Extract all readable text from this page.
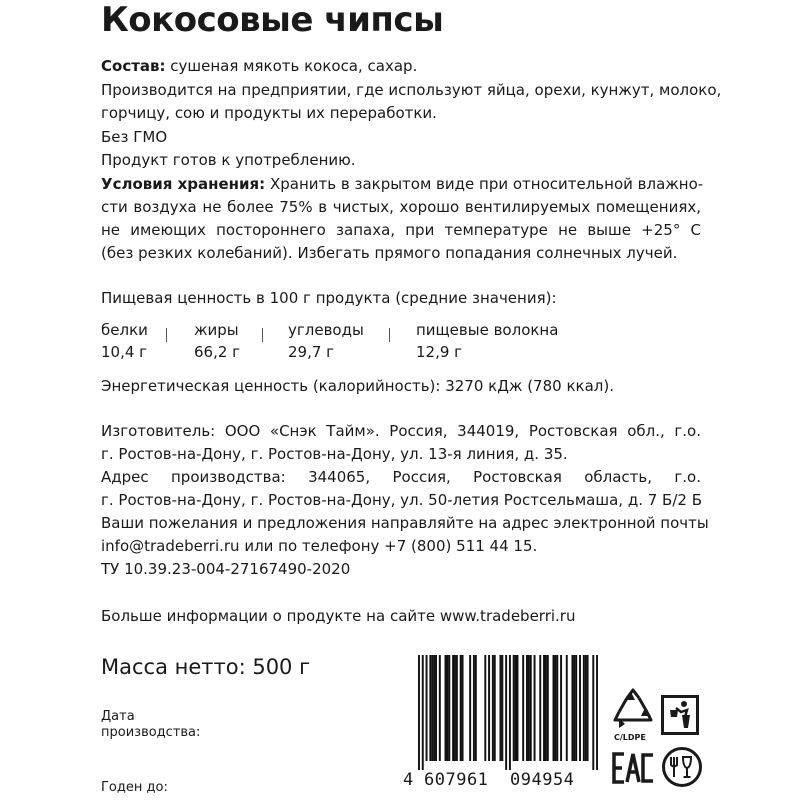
Кокосовые чипсы
Состав: сушеная мякоть кокоса, сахар.
Производится на предприятии, где используют яйца, орехи, кунжут, молоко,
горчицу, сою и продукты их переработки.
Без ГМО
Продукт готов к употреблению.
Условия хранения: Хранить в закрытом виде при относительной влажно-
сти воздуха не более 75% в чистых, хорошо вентилируемых помещениях,
не имеющих постороннего запаха, при температуре не выше +25° С
(без резких колебаний). Избегать прямого попадания солнечных лучей.
Пищевая ценность в 100 г продукта (средние значения):
белки
10,4 г
жиры
66,2 г
углеводы
29,7 г
пищевые волокна
12,9 г
Энергетическая ценность (калорийность): 3270 кДж (780 ккал).
Изготовитель: ООО «Снэк Тайм». Россия, 344019, Ростовская обл., г.о.
г. Ростов-на-Дону, г. Ростов-на-Дону, ул. 13-я линия, д. 35.
Адрес производства: 344065, Россия, Ростовская область, г.о.
г. Ростов-на-Дону, г. Ростов-на-Дону, ул. 50-летия Ростсельмаша, д. 7 Б/2 Б
Ваши пожелания и предложения направляйте на адрес электронной почты
info@tradeberri.ru или по телефону +7 (800) 511 44 15.
ТУ 10.39.23-004-27167490-2020
Больше информации о продукте на сайте www.tradeberri.ru
Масса нетто: 500 г
Дата
производства:
Годен до:	4 607961 094954
C/LDPE
